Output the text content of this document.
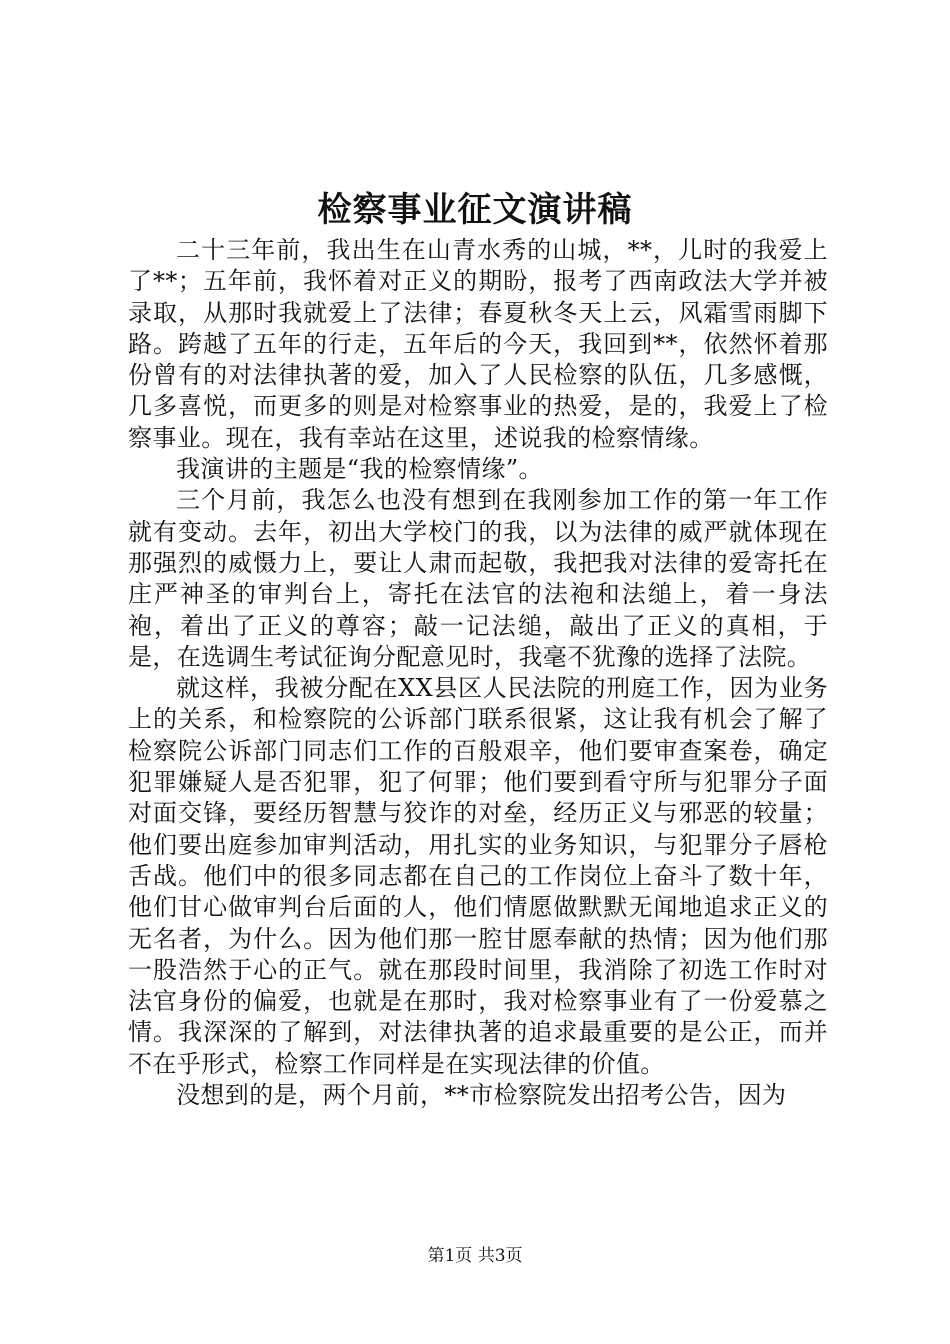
检察事业征文演讲稿

二十三年前，我出生在山青水秀的山城，**，儿时的我爱上了**；五年前，我怀着对正义的期盼，报考了西南政法大学并被录取，从那时我就爱上了法律；春夏秋冬天上云，风霜雪雨脚下路。跨越了五年的行走，五年后的今天，我回到**，依然怀着那份曾有的对法律执著的爱，加入了人民检察的队伍，几多感慨，几多喜悦，而更多的则是对检察事业的热爱，是的，我爱上了检察事业。现在，我有幸站在这里，述说我的检察情缘。

我演讲的主题是“我的检察情缘”。

三个月前，我怎么也没有想到在我刚参加工作的第一年工作就有变动。去年，初出大学校门的我，以为法律的威严就体现在那强烈的威慑力上，要让人肃而起敬，我把我对法律的爱寄托在庄严神圣的审判台上，寄托在法官的法袍和法缒上，着一身法袍，着出了正义的尊容；敲一记法缒，敲出了正义的真相，于是，在选调生考试征询分配意见时，我毫不犹豫的选择了法院。

就这样，我被分配在XX县区人民法院的刑庭工作，因为业务上的关系，和检察院的公诉部门联系很紧，这让我有机会了解了检察院公诉部门同志们工作的百般艰辛，他们要审查案卷，确定犯罪嫌疑人是否犯罪，犯了何罪；他们要到看守所与犯罪分子面对面交锋，要经历智慧与狡诈的对垒，经历正义与邪恶的较量；他们要出庭参加审判活动，用扎实的业务知识，与犯罪分子唇枪舌战。他们中的很多同志都在自己的工作岗位上奋斗了数十年，他们甘心做审判台后面的人，他们情愿做默默无闻地追求正义的无名者，为什么。因为他们那一腔甘愿奉献的热情；因为他们那一股浩然于心的正气。就在那段时间里，我消除了初选工作时对法官身份的偏爱，也就是在那时，我对检察事业有了一份爱慕之情。我深深的了解到，对法律执著的追求最重要的是公正，而并不在乎形式，检察工作同样是在实现法律的价值。

没想到的是，两个月前，**市检察院发出招考公告，因为

第1页 共3页
